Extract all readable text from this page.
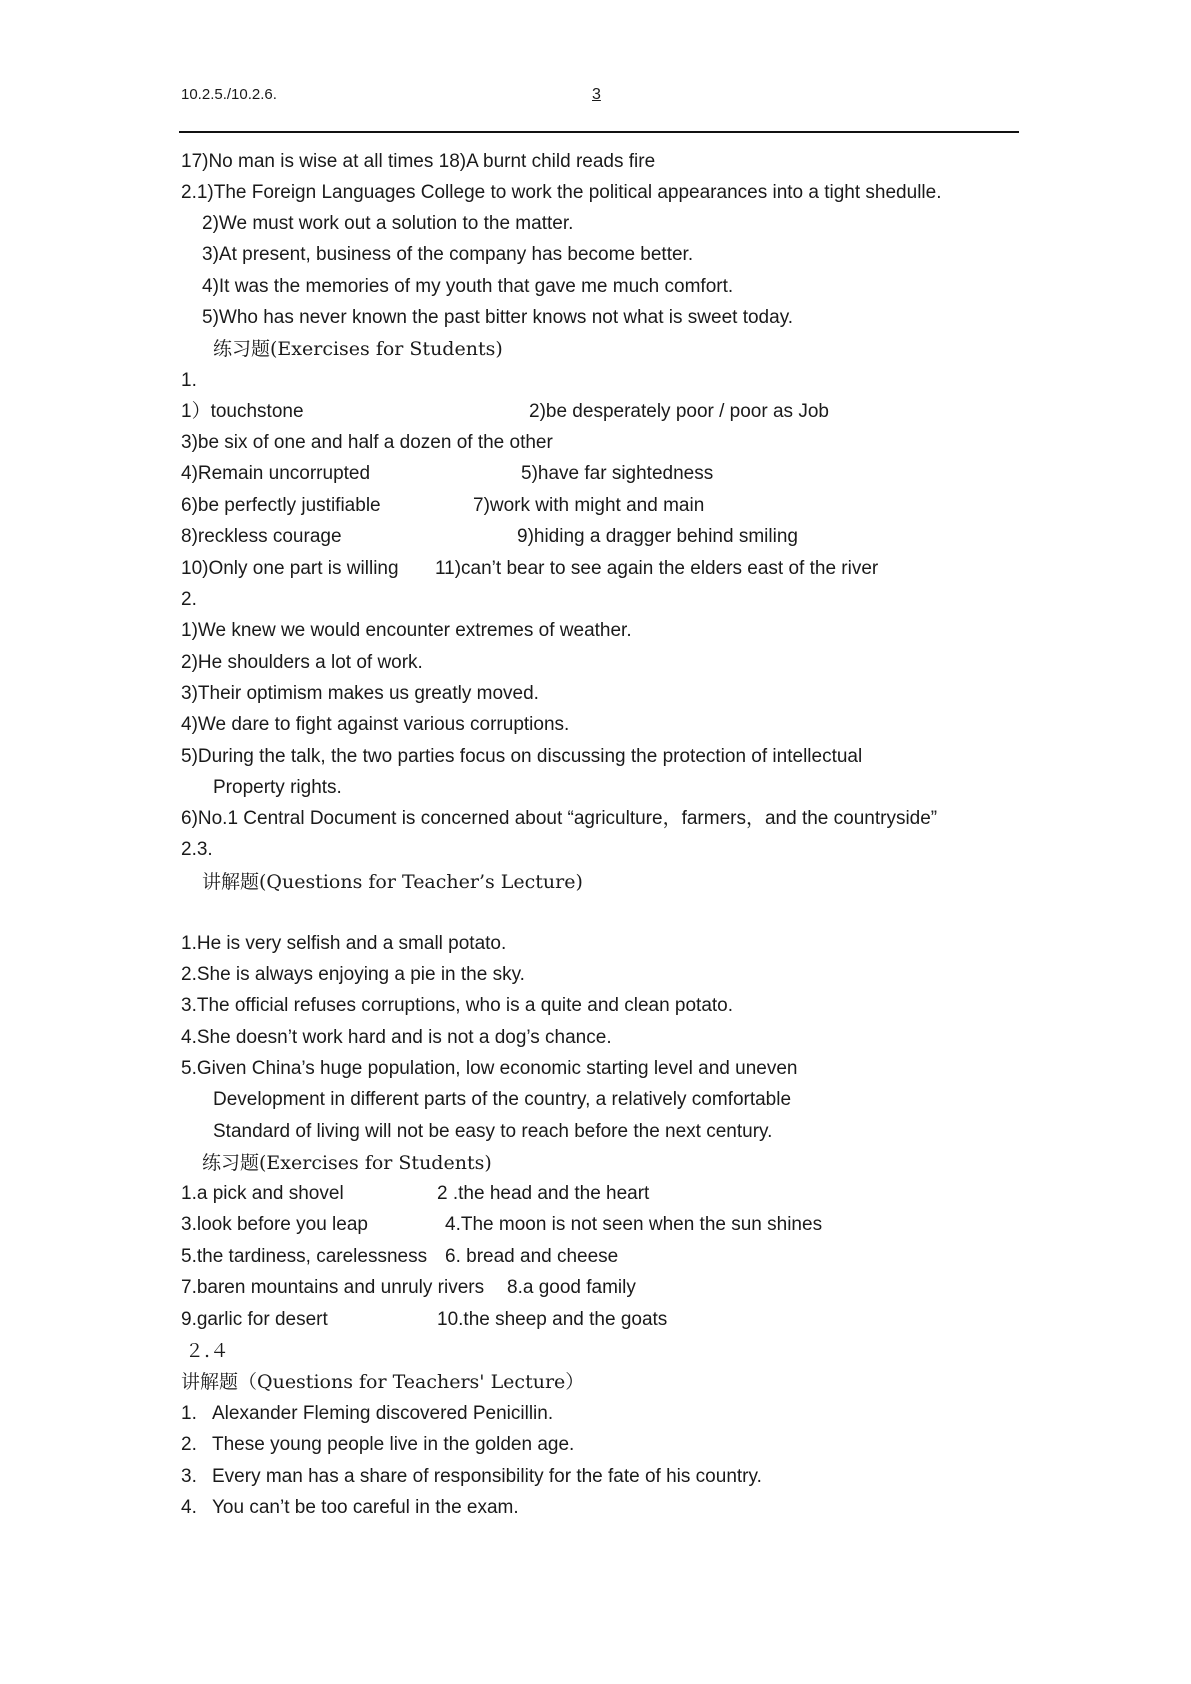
10.2.5./10.2.6.	3
17)No man is wise at all times 18)A burnt child reads fire
2.1)The Foreign Languages College to work the political appearances into a tight shedulle.
2)We must work out a solution to the matter.
3)At present, business of the company has become better.
4)It was the memories of my youth that gave me much comfort.
5)Who has never known the past bitter knows not what is sweet today.
练习题(Exercises for Students)
1.
1）touchstone	2)be desperately poor / poor as Job
3)be six of one and half a dozen of the other
4)Remain uncorrupted	5)have far sightedness
6)be perfectly justifiable	7)work with might and main
8)reckless courage	9)hiding a dragger behind smiling
10)Only one part is willing 11)can’t bear to see again the elders east of the river
2.
1)We knew we would encounter extremes of weather.
2)He shoulders a lot of work.
3)Their optimism makes us greatly moved.
4)We dare to fight against various corruptions.
5)During the talk, the two parties focus on discussing the protection of intellectual
Property rights.
6)No.1 Central Document is concerned about “agriculture，farmers，and the countryside”
2.3.
讲解题(Questions for Teacher’s Lecture)
1.He is very selfish and a small potato.
2.She is always enjoying a pie in the sky.
3.The official refuses corruptions, who is a quite and clean potato.
4.She doesn’t work hard and is not a dog’s chance.
5.Given China’s huge population, low economic starting level and uneven
Development in different parts of the country, a relatively comfortable
Standard of living will not be easy to reach before the next century.
练习题(Exercises for Students)
1.a pick and shovel	2 .the head and the heart
3.look before you leap	4.The moon is not seen when the sun shines
5.the tardiness, carelessness 6. bread and cheese
7.baren mountains and unruly rivers 8.a good family
9.garlic for desert	10.the sheep and the goats
２.４
讲解题（Questions for Teachers' Lecture）
1. Alexander Fleming discovered Penicillin.
2. These young people live in the golden age.
3. Every man has a share of responsibility for the fate of his country.
4. You can’t be too careful in the exam.
